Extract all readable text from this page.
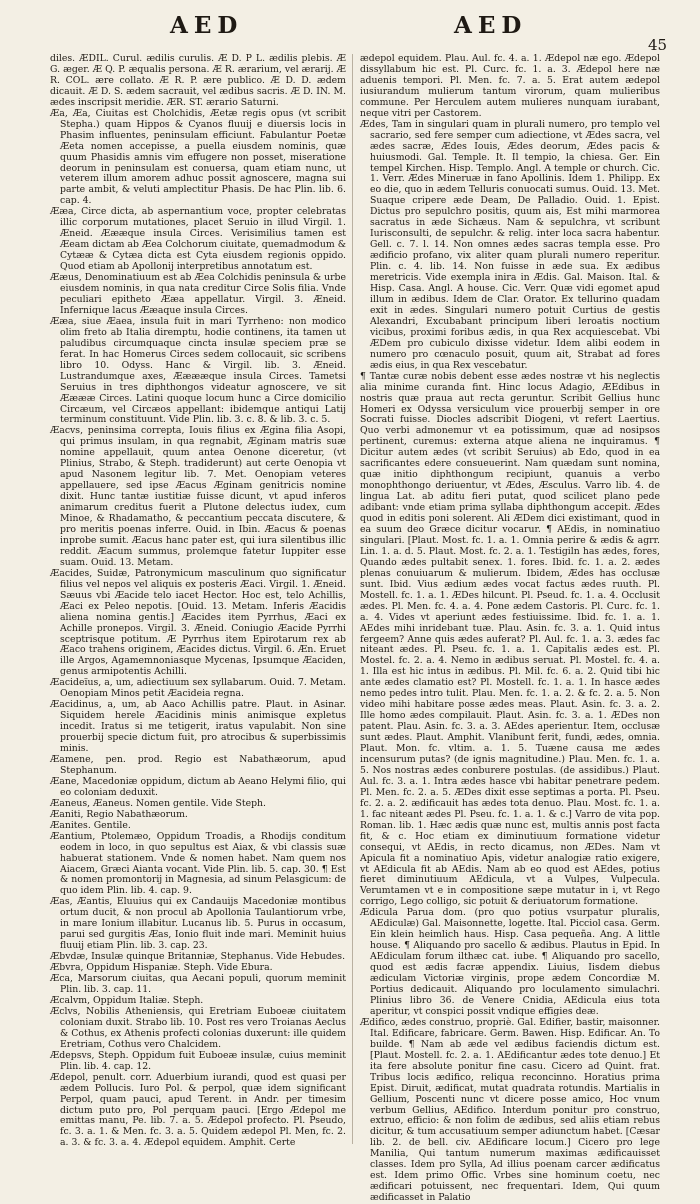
AED	AED
45

diles. ÆDIL. Curul. ædilis curulis. Æ D. P L. ædilis plebis. Æ G. æger. Æ Q. P. æqualis persona. Æ R. ærarium, vel ærarij. Æ R. COL. ære collato. Æ R. P. ære publico. Æ D. D. ædem dicauit. Æ D. S. ædem sacrauit, vel ædibus sacris. Æ D. IN. M. ædes inscripsit meridie. ÆR. ST. ærario Saturni.

Æa, Æa, Ciuitas est Cholchidis, Æetæ regis opus (vt scribit Stepha.) quam Hippos & Cyanos fluuij e diuersis locis in Phasim influentes, peninsulam efficiunt. Fabulantur Poetæ Æeta nomen accepisse, a puella eiusdem nominis, quæ quum Phasidis amnis vim effugere non posset, miseratione deorum in peninsulam est conuersa, quam etiam nunc, ut veterem illum amorem adhuc possit agnoscere, magna sui parte ambit, & veluti amplectitur Phasis. De hac Plin. lib. 6. cap. 4.

Ææa, Circe dicta, ab aspernantium voce, propter celebratas illic corporum mutationes, placet Seruio in illud Virgil. 1. Æneid. Æææque insula Circes. Verisimilius tamen est Æeam dictam ab Æea Colchorum ciuitate, quemadmodum & Cytææ & Cytæa dicta est Cyta eiusdem regionis oppido. Quod etiam ab Apollonij interpretibus annotatum est.

Ææus, Denominatiuum est ab Æea Colchidis peninsula & urbe eiusdem nominis, in qua nata creditur Circe Solis filia. Vnde peculiari epitheto Ææa appellatur. Virgil. 3. Æneid. Infernique lacus Ææaque insula Circes.

Ææa, siue Æaea, insula fuit in mari Tyrrheno: non modico olim freto ab Italia diremptu, hodie continens, ita tamen ut paludibus circumquaque cincta insulæ speciem præ se ferat. In hac Homerus Circes sedem collocauit, sic scribens libro 10. Odyss. Hanc & Virgil. lib. 3. Æneid. Lustrandumque axes, Ææææque insula Circes. Tametsi Seruius in tres diphthongos videatur agnoscere, ve sit Ææææ Circes. Latini quoque locum hunc a Circe domicilio Circæum, vel Circæos appellant: ibidemque antiqui Latij terminum constituunt. Vide Plin. lib. 3. c. 8. & lib. 3. c. 5.

Æacvs, peninsima correpta, Iouis filius ex Ægina filia Asopi, qui primus insulam, in qua regnabit, Æginam matris suæ nomine appellauit, quum antea Oenone diceretur, (vt Plinius, Strabo, & Steph. tradiderunt) aut certe Oenopia vt apud Nasonem legitur lib. 7. Met. Oenopiam veteres appellauere, sed ipse Æacus Æginam genitricis nomine dixit. Hunc tantæ iustitiæ fuisse dicunt, vt apud inferos animarum creditus fuerit a Plutone delectus iudex, cum Minoe, & Rhadamatho, & peccantium peccata discutere, & pro meritis poenas inferre. Ouid. in Ibin. Æacus & poenas inprobe sumit. Æacus hanc pater est, qui iura silentibus illic reddit. Æacum summus, prolemque fatetur Iuppiter esse suam. Ouid. 13. Metam.

Æacides, Suidæ, Patronymicum masculinum quo significatur filius vel nepos vel aliquis ex posteris Æaci. Virgil. 1. Æneid. Sæuus vbi Æacide telo iacet Hector. Hoc est, telo Achillis, Æaci ex Peleo nepotis. [Ouid. 13. Metam. Inferis Æacidis aliena nomina gentis.] Æacides item Pyrrhus, Æaci ex Achille pronepos. Virgil. 3. Æneid. Coniugio Æacide Pyrrhi sceptrisque potitum. Æ Pyrrhus item Epirotarum rex ab Æaco trahens originem, Æacides dictus. Virgil. 6. Æn. Eruet ille Argos, Agamemnoniasque Mycenas, Ipsumque Æaciden, genus armipotentis Achilli.

Æacideïus, a, um, adiectiuum sex syllabarum. Ouid. 7. Metam. Oenopiam Minos petit Æacideia regna.

Æacidinus, a, um, ab Aaco Achillis patre. Plaut. in Asinar. Siquidem herele Æacidinis minis animisque expletus incedit. Iratus si me tetigerit, iratus vapulabit. Non sine prouerbij specie dictum fuit, pro atrocibus & superbissimis minis.

Æamene, pen. prod. Regio est Nabathæorum, apud Stephanum.

Æane, Macedoniæ oppidum, dictum ab Aeano Helymi filio, qui eo coloniam deduxit.

Æaneus, Æaneus. Nomen gentile. Vide Steph.

Æaniti, Regio Nabathæorum.

Æanites. Gentile.

Æantium, Ptolemæo, Oppidum Troadis, a Rhodijs conditum eodem in loco, in quo sepultus est Aiax, & vbi classis suæ habuerat stationem. Vnde & nomen habet. Nam quem nos Aiacem, Græci Aianta vocant. Vide Plin. lib. 5. cap. 30. ¶ Est & nomen promontorij in Magnesia, ad sinum Pelasgicum: de quo idem Plin. lib. 4. cap. 9.

Æas, Æantis, Eluuius qui ex Candauijs Macedoniæ montibus ortum ducit, & non procul ab Apollonia Taulantiorum vrbe, in mare Ionium illabitur. Lucanus lib. 5. Purus in occasum, parui sed gurgitis Æas, Ionio fluit inde mari. Meminit huius fluuij etiam Plin. lib. 3. cap. 23.

Æbvdæ, Insulæ quinque Britanniæ, Stephanus. Vide Hebudes.

Æbvra, Oppidum Hispaniæ. Steph. Vide Ebura.

Æca, Marsorum ciuitas, qua Aecani populi, quorum meminit Plin. lib. 3. cap. 11.

Æcalvm, Oppidum Italiæ. Steph.

Æclvs, Nobilis Atheniensis, qui Eretriam Euboeæ ciuitatem coloniam duxit. Strabo lib. 10. Post res vero Troianas Aeclus & Cothus, ex Athenis profecti colonias duxerunt: ille quidem Eretriam, Cothus vero Chalcidem.

Ædepsvs, Steph. Oppidum fuit Euboeæ insulæ, cuius meminit Plin. lib. 4. cap. 12.

Ædepol, penult. corr. Aduerbium iurandi, quod est quasi per ædem Pollucis. Iuro Pol. & perpol, quæ idem significant Perpol, quam pauci, apud Terent. in Andr. per timesim dictum puto pro, Pol perquam pauci. [Ergo Ædepol me emittas manu, Pe. lib. 7. a. 5. Ædepol profecto. Pl. Pseudo, fc. 3. a. 1. & Men. fc. 3. a. 5. Quidem ædepol Pl. Men, fc. 2. a. 3. & fc. 3. a. 4. Ædepol equidem. Amphit. Certe

ædepol equidem. Plau. Aul. fc. 4. a. 1. Ædepol næ ego. Ædepol dissyllabum hic est. Pl. Curc. fc. 1. a. 3. Ædepol here næ aduenis tempori. Pl. Men. fc. 7. a. 5. Erat autem ædepol iusiurandum mulierum tantum virorum, quam mulieribus commune. Per Herculem autem mulieres nunquam iurabant, neque vitri per Castorem.

Ædes, Tam in singulari quam in plurali numero, pro templo vel sacrario, sed fere semper cum adiectione, vt Ædes sacra, vel ædes sacræ, Ædes Iouis, Ædes deorum, Ædes pacis & huiusmodi. Gal. Temple. It. Il tempio, la chiesa. Ger. Ein tempel Kirchen. Hisp. Templo. Angl. A temple or church. Cic. 1. Verr. Ædes Mineruæ in fano Apollinis. Idem 1. Philipp. Ex eo die, quo in ædem Telluris conuocati sumus. Ouid. 13. Met. Suaque cripere æde Deam, De Palladio. Ouid. 1. Epist. Dictus pro sepulchro positis, quum ais, Est mihi marmorea sacratus in æde Sichæus. Nam & sepulchra, vt scribunt Iurisconsulti, de sepulchr. & relig. inter loca sacra habentur. Gell. c. 7. l. 14. Non omnes ædes sacras templa esse. Pro ædificio profano, vix aliter quam plurali numero reperitur. Plin. c. 4. lib. 14. Non fuisse in æde sua. Ex ædibus meretricis. Vide exempla inira in Ædis. Gal. Maison. Ital. & Hisp. Casa. Angl. A house. Cic. Verr. Quæ vidi egomet apud illum in ædibus. Idem de Clar. Orator. Ex tellurino quadam exit in ædes. Singulari numero potuit Curtius de gestis Alexandri, Excubabant principum liberi leroatis noctium vicibus, proximi foribus ædis, in qua Rex acquiescebat. Vbi ÆDem pro cubiculo dixisse videtur. Idem alibi eodem in numero pro cœnaculo posuit, quum ait, Strabat ad fores ædis eius, in qua Rex vescebatur.

¶ Tantæ curæ nobis debent esse ædes nostræ vt his neglectis alia minime curanda fint. Hinc locus Adagio, ÆEdibus in nostris quæ praua aut recta geruntur. Scribit Gellius hunc Homeri ex Odyssa versiculum vice prouerbij semper in ore Socrati fuisse. Diocles adscribit Diogeni, vt refert Laertius. Quo verbi admonemur vt ea potissimum, quæ ad nosipsos pertinent, curemus: externa atque aliena ne inquiramus. ¶ Dicitur autem ædes (vt scribit Seruius) ab Edo, quod in ea sacrificantes edere consueuerint. Nam quædam sunt nomina, quæ initio diphthongum recipiunt, quanuis a verbo monophthongo deriuentur, vt Ædes, Æsculus. Varro lib. 4. de lingua Lat. ab aditu fieri putat, quod scilicet plano pede adibant: vnde etiam prima syllaba diphthongum accepit. Ædes quod in editis poni solerent. Ali ÆDem dici existimant, quod in ea suum deo Græce dicitur vocarur. ¶ AEdis, in nominatiuo singulari. [Plaut. Most. fc. 1. a. 1. Omnia perire & ædis & agrr. Lin. 1. a. d. 5. Plaut. Most. fc. 2. a. 1. Testigiln has ædes, fores, Quando ædes pultabit senex. 1. fores. Ibid. fc. 1. a. 2. ædes plenas conuiuarum & mulierum. Ibidem, Ædes has occlusæ sunt. Ibid. Vius ædium ædes vocat factus ædes ruuth. Pl. Mostell. fc. 1. a. 1. ÆDes hilcunt. Pl. Pseud. fc. 1. a. 4. Occlusit ædes. Pl. Men. fc. 4. a. 4. Pone ædem Castoris. Pl. Curc. fc. 1. a. 4. Vides vt aperiunt ædes festiuissime. Ibid. fc. 1. a. 1. AEdes mihi inridebant tuæ. Plau. Asin. fc. 3. a. 1. Quid intus fergeem? Anne quis ædes auferat? Pl. Aul. fc. 1. a. 3. ædes fac niteant ædes. Pl. Pseu. fc. 1. a. 1. Capitalis ædes est. Pl. Mostel. fc. 2. a. 4. Nemo in ædibus seruat. Pl. Mostel. fc. 4. a. 1. Illa est hic intus in ædibus. Pl. Mil. fc. 6. a. 2. Quid tibi hic ante ædes clamatio est? Pl. Mostell. fc. 1. a. 1. In hasce ædes nemo pedes intro tulit. Plau. Men. fc. 1. a. 2. & fc. 2. a. 5. Non video mihi habitare posse ædes meas. Plaut. Asin. fc. 3. a. 2. Ille homo ædes compilauit. Plaut. Asin. fc. 3. a. 1. ÆDes non patent. Plau. Asin. fc. 3. a. 3. AEdes aperientur. Item, occlusæ sunt ædes. Plaut. Amphit. Vlanibunt ferit, fundi, ædes, omnia. Plaut. Mon. fc. vltim. a. 1. 5. Tuæne causa me ædes incensurum putas? (de ignis magnitudine.) Plau. Men. fc. 1. a. 5. Nos nostras ædes conburere postulas. (de assidibus.) Plaut. Aul. fc. 3. a. 1. Intra ædes hasce vbi habitar penetrare pedem. Pl. Men. fc. 2. a. 5. ÆDes dixit esse septimas a porta. Pl. Pseu. fc. 2. a. 2. ædificauit has ædes tota denuo. Plau. Most. fc. 1. a. 1. fac niteant ædes Pl. Pseu. fc. 1. a. 1. & c.] Varro de vita pop. Roman. lib. 1. Hæc ædis quæ nunc est, multis annis post facta fit, & c. Hoc etiam ex diminutiuum formatione videtur consequi, vt AEdis, in recto dicamus, non ÆDes. Nam vt Apicula fit a nominatiuo Apis, videtur analogiæ ratio exigere, vt AEdicula fit ab AEdis. Nam ab eo quod est AEdes, potius fieret diminutiuum AEdicula, vt a Vulpes, Vulpecula. Verumtamen vt e in compositione sæpe mutatur in i, vt Rego corrigo, Lego colligo, sic potuit & deriuatorum formatione.

Ædicula Parua dom. (pro quo potius vsurpatur pluralis, AEdiculæ) Gal. Maisonnette, logette. Ital. Picciol casa. Germ. Ein klein heimlich haus. Hisp. Casa pequeña. Ang. A little house. ¶ Aliquando pro sacello & ædibus. Plautus in Epid. In AEdiculam forum ilthæc cat. iube. ¶ Aliquando pro sacello, quod est ædis facræ appendix. Liuius, Iisdem diebus ædiculam Victoriæ virginis, prope ædem Concordiæ M. Portius dedicauit. Aliquando pro loculamento simulachri. Plinius libro 36. de Venere Cnidia, AEdicula eius tota aperitur, vt conspici possit vndique effigies deæ.

Ædifico, ædes construo, propriè. Gal. Edifier, bastir, maisonner. Ital. Edificare, fabricare. Germ. Bawen. Hisp. Edificar. An. To builde. ¶ Nam ab æde vel ædibus faciendis dictum est. [Plaut. Mostell. fc. 2. a. 1. AEdificantur ædes tote denuo.] Et ita fere absolute ponitur fine casu. Cicero ad Quint. frat. Tribus locis ædifico, reliqua reconcinno. Horatius prima Epist. Diruit, ædificat, mutat quadrata rotundis. Martialis in Gellium, Poscenti nunc vt dicere posse amico, Hoc vnum verbum Gellius, AEdifico. Interdum ponitur pro construo, extruo, efficio: & non folim de ædibus, sed aliis etiam rebus dicitur, & tum accusatiuum semper adiunctum habet. [Cæsar lib. 2. de bell. civ. AEdificare locum.] Cicero pro lege Manilia, Qui tantum numerum maximas ædificauisset classes. Idem pro Sylla, Ad illius poenam carcer ædificatus est. Idem primo Offic. Vrbes sine hominum coetu, nec ædificari potuissent, nec frequentari. Idem, Qui quum ædificasset in Palatio
